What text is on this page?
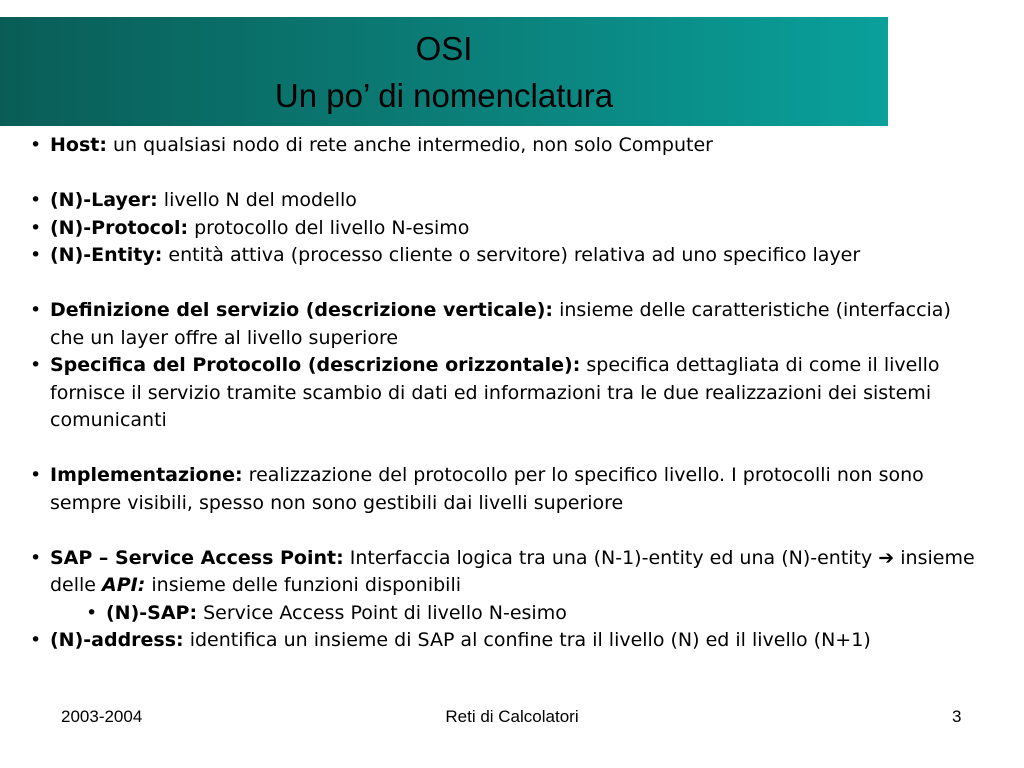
OSI
Un po’ di nomenclatura

• Host: un qualsiasi nodo di rete anche intermedio, non solo Computer

• (N)-Layer: livello N del modello

• (N)-Protocol: protocollo del livello N-esimo

• (N)-Entity: entità attiva (processo cliente o servitore) relativa ad uno specifico layer

• Definizione del servizio (descrizione verticale): insieme delle caratteristiche (interfaccia) che un layer offre al livello superiore

• Specifica del Protocollo (descrizione orizzontale): specifica dettagliata di come il livello fornisce il servizio tramite scambio di dati ed informazioni tra le due realizzazioni dei sistemi comunicanti

• Implementazione: realizzazione del protocollo per lo specifico livello. I protocolli non sono sempre visibili, spesso non sono gestibili dai livelli superiore

• SAP – Service Access Point: Interfaccia logica tra una (N-1)-entity ed una (N)-entity ➔ insieme delle API: insieme delle funzioni disponibili

• (N)-SAP: Service Access Point di livello N-esimo

• (N)-address: identifica un insieme di SAP al confine tra il livello (N) ed il livello (N+1)

2003-2004	Reti di Calcolatori	3
